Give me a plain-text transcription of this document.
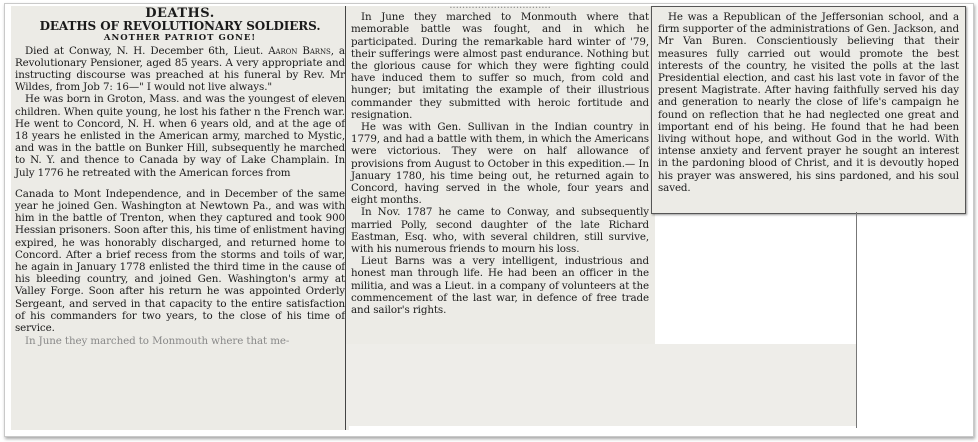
DEATHS.

DEATHS OF REVOLUTIONARY SOLDIERS.

ANOTHER PATRIOT GONE!

Died at Conway, N. H. December 6th, Lieut. Aaron Barns, a Revolutionary Pensioner, aged 85 years. A very appropriate and instructing discourse was preached at his funeral by Rev. Mr Wildes, from Job 7: 16—" I would not live always."

He was born in Groton, Mass. and was the youngest of eleven children. When quite young, he lost his father n the French war. He went to Concord, N. H. when 6 years old, and at the age of 18 years he enlisted in the American army, marched to Mystic, and was in the battle on Bunker Hill, subsequently he marched to N. Y. and thence to Canada by way of Lake Champlain. In July 1776 he retreated with the American forces from

Canada to Mont Independence, and in December of the same year he joined Gen. Washington at Newtown Pa., and was with him in the battle of Trenton, when they captured and took 900 Hessian prisoners. Soon after this, his time of enlistment having expired, he was honorably discharged, and returned home to Concord. After a brief recess from the storms and toils of war, he again in January 1778 enlisted the third time in the cause of his bleeding country, and joined Gen. Washington's army at Valley Forge. Soon after his return he was appointed Orderly Sergeant, and served in that capacity to the entire satisfaction of his commanders for two years, to the close of his time of service.

In June they marched to Monmouth where that me-

................................

In June they marched to Monmouth where that memorable battle was fought, and in which he participated. During the remarkable hard winter of '79, their sufferings were almost past endurance. Nothing but the glorious cause for which they were fighting could have induced them to suffer so much, from cold and hunger; but imitating the example of their illustrious commander they submitted with heroic fortitude and resignation.

He was with Gen. Sullivan in the Indian country in 1779, and had a battle with them, in which the Americans were victorious. They were on half allowance of provisions from August to October in this expedition.— In January 1780, his time being out, he returned again to Concord, having served in the whole, four years and eight months.

In Nov. 1787 he came to Conway, and subsequently married Polly, second daughter of the late Richard Eastman, Esq. who, with several children, still survive, with his numerous friends to mourn his loss.

Lieut Barns was a very intelligent, industrious and honest man through life. He had been an officer in the militia, and was a Lieut. in a company of volunteers at the commencement of the last war, in defence of free trade and sailor's rights.

He was a Republican of the Jeffersonian school, and a firm supporter of the administrations of Gen. Jackson, and Mr Van Buren. Conscientiously believing that their measures fully carried out would promote the best interests of the country, he visited the polls at the last Presidential election, and cast his last vote in favor of the present Magistrate. After having faithfully served his day and generation to nearly the close of life's campaign he found on reflection that he had neglected one great and important end of his being. He found that he had been living without hope, and without God in the world. With intense anxiety and fervent prayer he sought an interest in the pardoning blood of Christ, and it is devoutly hoped his prayer was answered, his sins pardoned, and his soul saved.
